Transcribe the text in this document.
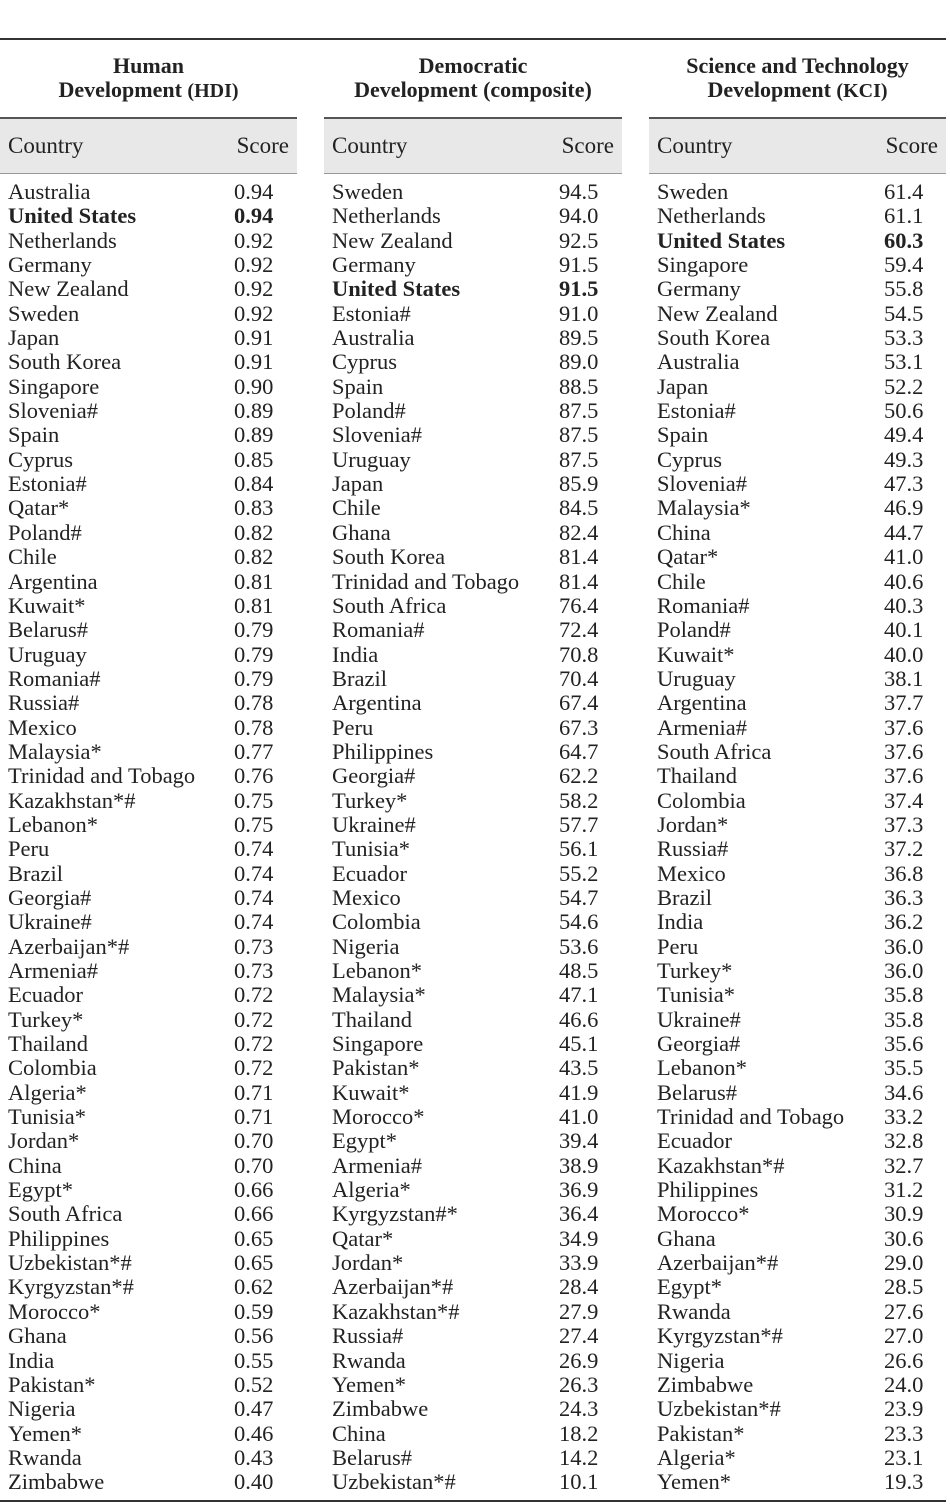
Human
Development (HDI)
Country	Score
Australia	0.94
United States	0.94
Netherlands	0.92
Germany	0.92
New Zealand	0.92
Sweden	0.92
Japan	0.91
South Korea	0.91
Singapore	0.90
Slovenia#	0.89
Spain	0.89
Cyprus	0.85
Estonia#	0.84
Qatar*	0.83
Poland#	0.82
Chile	0.82
Argentina	0.81
Kuwait*	0.81
Belarus#	0.79
Uruguay	0.79
Romania#	0.79
Russia#	0.78
Mexico	0.78
Malaysia*	0.77
Trinidad and Tobago 0.76
Kazakhstan*#	0.75
Lebanon*	0.75
Peru	0.74
Brazil	0.74
Georgia#	0.74
Ukraine#	0.74
Azerbaijan*#	0.73
Armenia#	0.73
Ecuador	0.72
Turkey*	0.72
Thailand	0.72
Colombia	0.72
Algeria*	0.71
Tunisia*	0.71
Jordan*	0.70
China	0.70
Egypt*	0.66
South Africa	0.66
Philippines	0.65
Uzbekistan*#	0.65
Kyrgyzstan*#	0.62
Morocco*	0.59
Ghana	0.56
India	0.55
Pakistan*	0.52
Nigeria	0.47
Yemen*	0.46
Rwanda	0.43
Zimbabwe	0.40
Democratic
Development (composite)
Country	Score
Sweden	94.5
Netherlands	94.0
New Zealand	92.5
Germany	91.5
United States	91.5
Estonia#	91.0
Australia	89.5
Cyprus	89.0
Spain	88.5
Poland#	87.5
Slovenia#	87.5
Uruguay	87.5
Japan	85.9
Chile	84.5
Ghana	82.4
South Korea	81.4
Trinidad and Tobago 81.4
South Africa	76.4
Romania#	72.4
India	70.8
Brazil	70.4
Argentina	67.4
Peru	67.3
Philippines	64.7
Georgia#	62.2
Turkey*	58.2
Ukraine#	57.7
Tunisia*	56.1
Ecuador	55.2
Mexico	54.7
Colombia	54.6
Nigeria	53.6
Lebanon*	48.5
Malaysia*	47.1
Thailand	46.6
Singapore	45.1
Pakistan*	43.5
Kuwait*	41.9
Morocco*	41.0
Egypt*	39.4
Armenia#	38.9
Algeria*	36.9
Kyrgyzstan#*	36.4
Qatar*	34.9
Jordan*	33.9
Azerbaijan*#	28.4
Kazakhstan*#	27.9
Russia#	27.4
Rwanda	26.9
Yemen*	26.3
Zimbabwe	24.3
China	18.2
Belarus#	14.2
Uzbekistan*#	10.1
Science and Technology
Development (KCI)
Country	Score
Sweden	61.4
Netherlands	61.1
United States	60.3
Singapore	59.4
Germany	55.8
New Zealand	54.5
South Korea	53.3
Australia	53.1
Japan	52.2
Estonia#	50.6
Spain	49.4
Cyprus	49.3
Slovenia#	47.3
Malaysia*	46.9
China	44.7
Qatar*	41.0
Chile	40.6
Romania#	40.3
Poland#	40.1
Kuwait*	40.0
Uruguay	38.1
Argentina	37.7
Armenia#	37.6
South Africa	37.6
Thailand	37.6
Colombia	37.4
Jordan*	37.3
Russia#	37.2
Mexico	36.8
Brazil	36.3
India	36.2
Peru	36.0
Turkey*	36.0
Tunisia*	35.8
Ukraine#	35.8
Georgia#	35.6
Lebanon*	35.5
Belarus#	34.6
Trinidad and Tobago 33.2
Ecuador	32.8
Kazakhstan*#	32.7
Philippines	31.2
Morocco*	30.9
Ghana	30.6
Azerbaijan*#	29.0
Egypt*	28.5
Rwanda	27.6
Kyrgyzstan*#	27.0
Nigeria	26.6
Zimbabwe	24.0
Uzbekistan*#	23.9
Pakistan*	23.3
Algeria*	23.1
Yemen*	19.3
